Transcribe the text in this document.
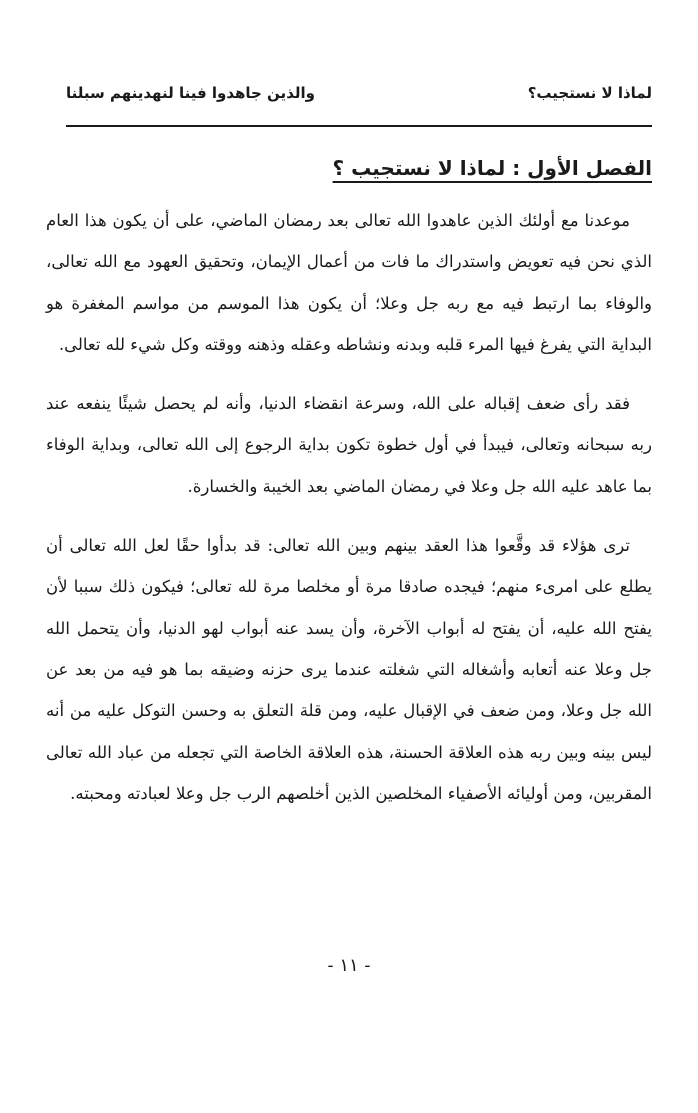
لماذا لا نستجيب؟
والذين جاهدوا فينا لنهدينهم سبلنا
الفصل الأول : لماذا لا نستجيب ؟

موعدنا مع أولئك الذين عاهدوا الله تعالى بعد رمضان الماضي، على أن يكون هذا العام الذي نحن فيه تعويض واستدراك ما فات من أعمال الإيمان، وتحقيق العهود مع الله تعالى، والوفاء بما ارتبط فيه مع ربه جل وعلا؛ أن يكون هذا الموسم من مواسم المغفرة هو البداية التي يفرغ فيها المرء قلبه وبدنه ونشاطه وعقله وذهنه ووقته وكل شيء لله تعالى.

فقد رأى ضعف إقباله على الله، وسرعة انقضاء الدنيا، وأنه لم يحصل شيئًا ينفعه عند ربه سبحانه وتعالى، فيبدأ في أول خطوة تكون بداية الرجوع إلى الله تعالى، وبداية الوفاء بما عاهد عليه الله جل وعلا في رمضان الماضي بعد الخيبة والخسارة.

ترى هؤلاء قد وقَّعوا هذا العقد بينهم وبين الله تعالى: قد بدأوا حقًا لعل الله تعالى أن يطلع على امرىء منهم؛ فيجده صادقا مرة أو مخلصا مرة لله تعالى؛ فيكون ذلك سببا لأن يفتح الله عليه، أن يفتح له أبواب الآخرة، وأن يسد عنه أبواب لهو الدنيا، وأن يتحمل الله جل وعلا عنه أتعابه وأشغاله التي شغلته عندما يرى حزنه وضيقه بما هو فيه من بعد عن الله جل وعلا، ومن ضعف في الإقبال عليه، ومن قلة التعلق به وحسن التوكل عليه من أنه ليس بينه وبين ربه هذه العلاقة الحسنة، هذه العلاقة الخاصة التي تجعله من عباد الله تعالى المقربين، ومن أوليائه الأصفياء المخلصين الذين أخلصهم الرب جل وعلا لعبادته ومحبته.

- ١١ -
